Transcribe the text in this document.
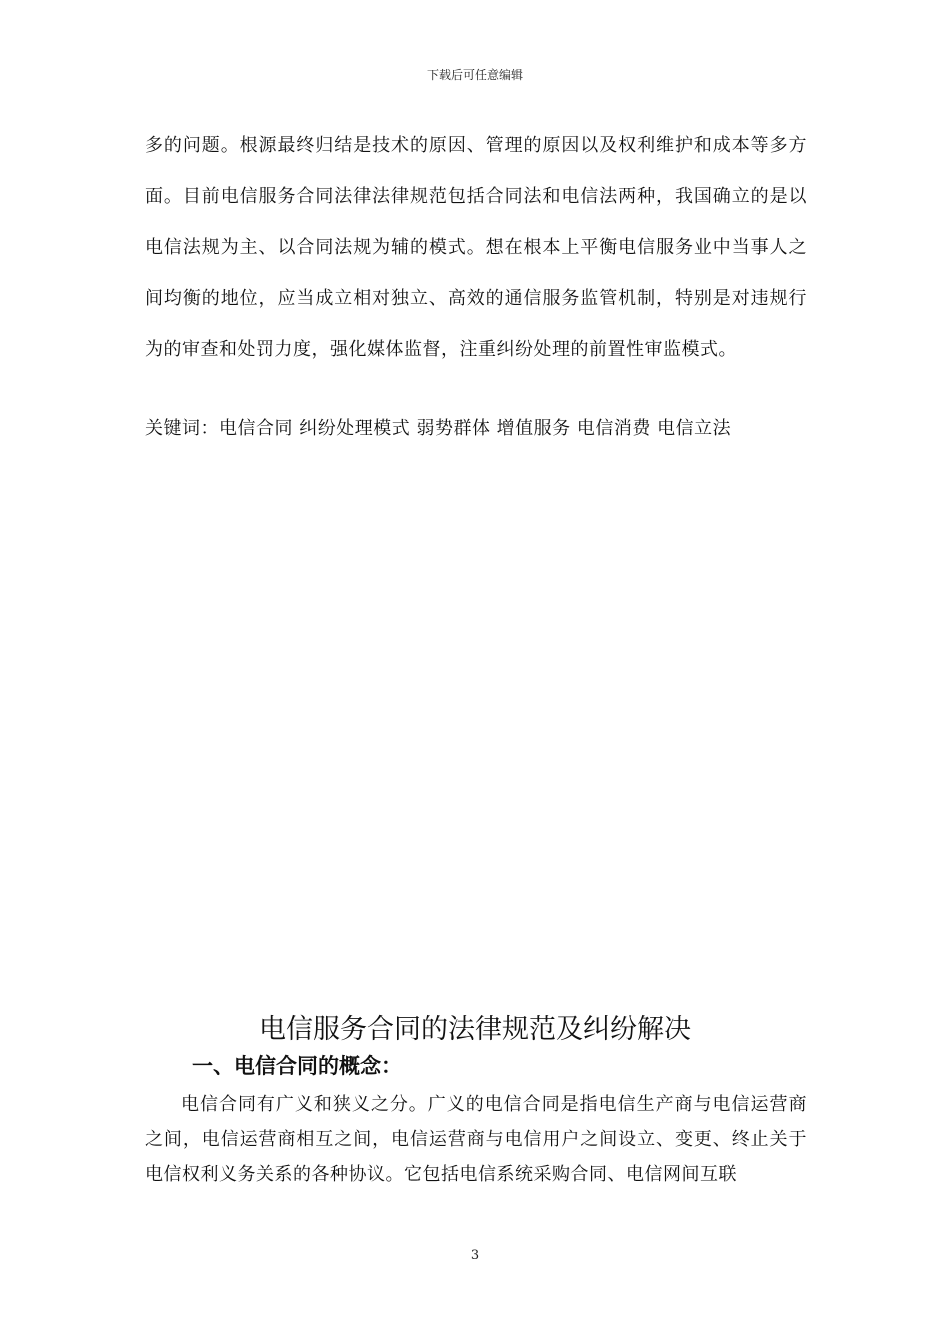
下载后可任意编辑

多的问题。根源最终归结是技术的原因、管理的原因以及权利维护和成本等多方面。目前电信服务合同法律法律规范包括合同法和电信法两种，我国确立的是以电信法规为主、以合同法规为辅的模式。想在根本上平衡电信服务业中当事人之间均衡的地位，应当成立相对独立、高效的通信服务监管机制，特别是对违规行为的审查和处罚力度，强化媒体监督，注重纠纷处理的前置性审监模式。

关键词：电信合同 纠纷处理模式 弱势群体 增值服务 电信消费 电信立法
电信服务合同的法律规范及纠纷解决
一、电信合同的概念：

电信合同有广义和狭义之分。广义的电信合同是指电信生产商与电信运营商之间，电信运营商相互之间，电信运营商与电信用户之间设立、变更、终止关于电信权利义务关系的各种协议。它包括电信系统采购合同、电信网间互联

3
